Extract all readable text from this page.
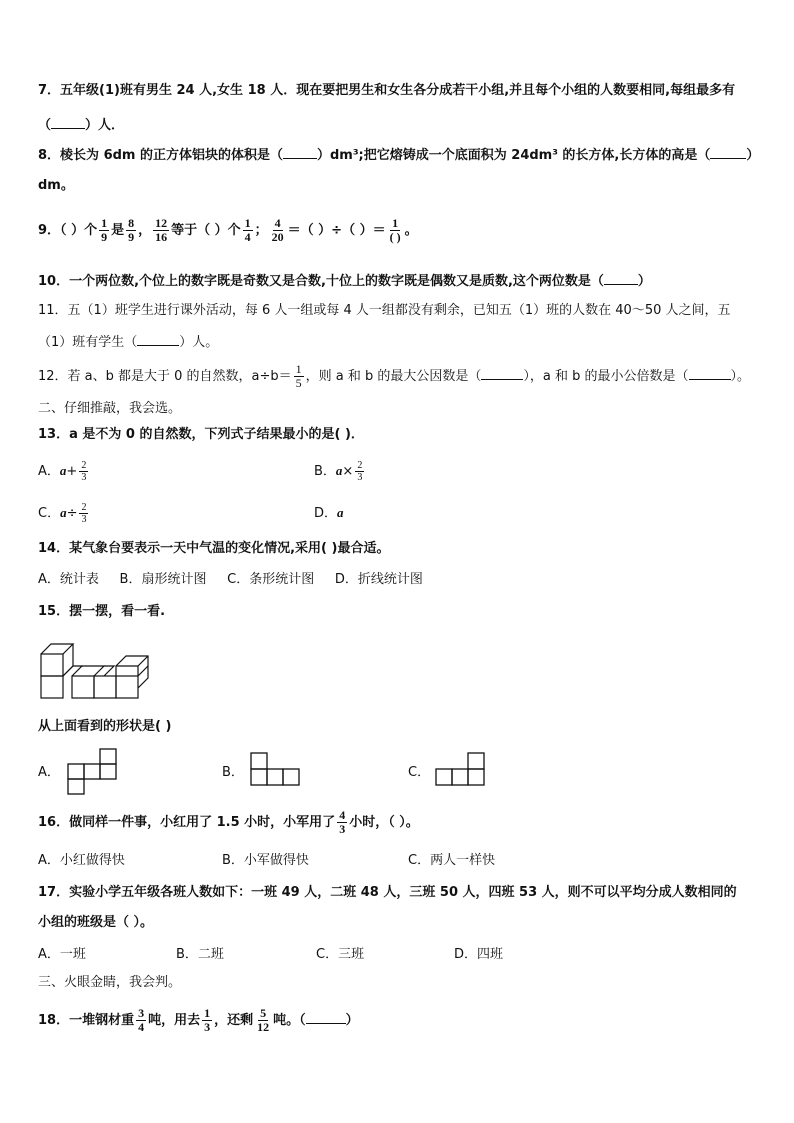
7．五年级(1)班有男生 24 人,女生 18 人．现在要把男生和女生各分成若干小组,并且每个小组的人数要相同,每组最多有
（	）人．
8．棱长为 6dm 的正方体铝块的体积是（	）dm³;把它熔铸成一个底面积为 24dm³ 的长方体,长方体的高是（	）
dm。
9．（ ）个 $\frac{1}{9}$ 是 $\frac{8}{9}$ ， $\frac{12}{16}$ 等于（ ）个 $\frac{1}{4}$ ； $\frac{4}{20}$ ＝（ ）÷（ ）＝ $\frac{1}{( )}$ 。
10．一个两位数,个位上的数字既是奇数又是合数,十位上的数字既是偶数又是质数,这个两位数是（	）
11．五（1）班学生进行课外活动，每 6 人一组或每 4 人一组都没有剩余，已知五（1）班的人数在 40～50 人之间，五
（1）班有学生（	）人。
12．若 a、b 都是大于 0 的自然数，$a\div b= \frac{1}{5}$ ，则 a 和 b 的最大公因数是（	），a 和 b 的最小公倍数是（	）。
二、仔细推敲，我会选。
13．a 是不为 0 的自然数，下列式子结果最小的是( )．
A．$a+ \frac{2}{3}$	B．$a\times \frac{2}{3}$
C．$a\div \frac{2}{3}$	D．a
14．某气象台要表示一天中气温的变化情况,采用( )最合适。
A．统计表     B．扇形统计图     C．条形统计图     D．折线统计图
15．摆一摆，看一看.
从上面看到的形状是( )
A．	B．	C．
16．做同样一件事，小红用了 1.5 小时，小军用了 $\frac{4}{3}$ 小时，（ ）。
A．小红做得快	B．小军做得快	C．两人一样快
17．实验小学五年级各班人数如下：一班 49 人，二班 48 人，三班 50 人，四班 53 人，则不可以平均分成人数相同的
小组的班级是（ ）。
A．一班	B．二班	C．三班	D．四班
三、火眼金睛，我会判。
18．一堆钢材重 $\frac{3}{4}$ 吨，用去 $\frac{1}{3}$ ，还剩 $\frac{5}{12}$ 吨。（	）
